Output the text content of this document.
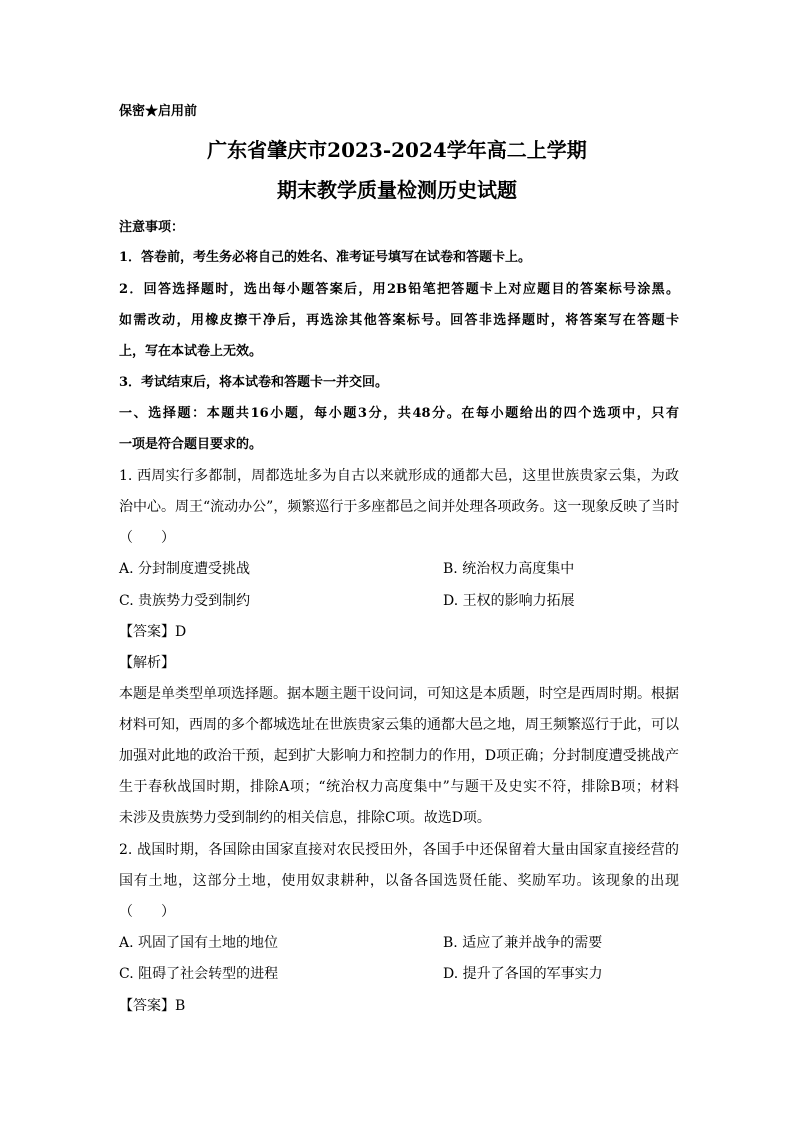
保密★启用前
广东省肇庆市2023-2024学年高二上学期
期末教学质量检测历史试题
注意事项：
1．答卷前，考生务必将自己的姓名、准考证号填写在试卷和答题卡上。
2．回答选择题时，选出每小题答案后，用2B铅笔把答题卡上对应题目的答案标号涂黑。
如需改动，用橡皮擦干净后，再选涂其他答案标号。回答非选择题时，将答案写在答题卡
上，写在本试卷上无效。
3．考试结束后，将本试卷和答题卡一并交回。
一、选择题：本题共16小题，每小题3分，共48分。在每小题给出的四个选项中，只有
一项是符合题目要求的。
1. 西周实行多都制，周都选址多为自古以来就形成的通都大邑，这里世族贵家云集，为政
治中心。周王“流动办公”，频繁巡行于多座都邑之间并处理各项政务。这一现象反映了当时
（　　）
A. 分封制度遭受挑战	B. 统治权力高度集中
C. 贵族势力受到制约	D. 王权的影响力拓展
【答案】D
【解析】
本题是单类型单项选择题。据本题主题干设问词，可知这是本质题，时空是西周时期。根据
材料可知，西周的多个都城选址在世族贵家云集的通都大邑之地，周王频繁巡行于此，可以
加强对此地的政治干预，起到扩大影响力和控制力的作用，D项正确；分封制度遭受挑战产
生于春秋战国时期，排除A项；“统治权力高度集中”与题干及史实不符，排除B项；材料
未涉及贵族势力受到制约的相关信息，排除C项。故选D项。
2. 战国时期，各国除由国家直接对农民授田外，各国手中还保留着大量由国家直接经营的
国有土地，这部分土地，使用奴隶耕种，以备各国选贤任能、奖励军功。该现象的出现
（　　）
A. 巩固了国有土地的地位	B. 适应了兼并战争的需要
C. 阻碍了社会转型的进程	D. 提升了各国的军事实力
【答案】B
